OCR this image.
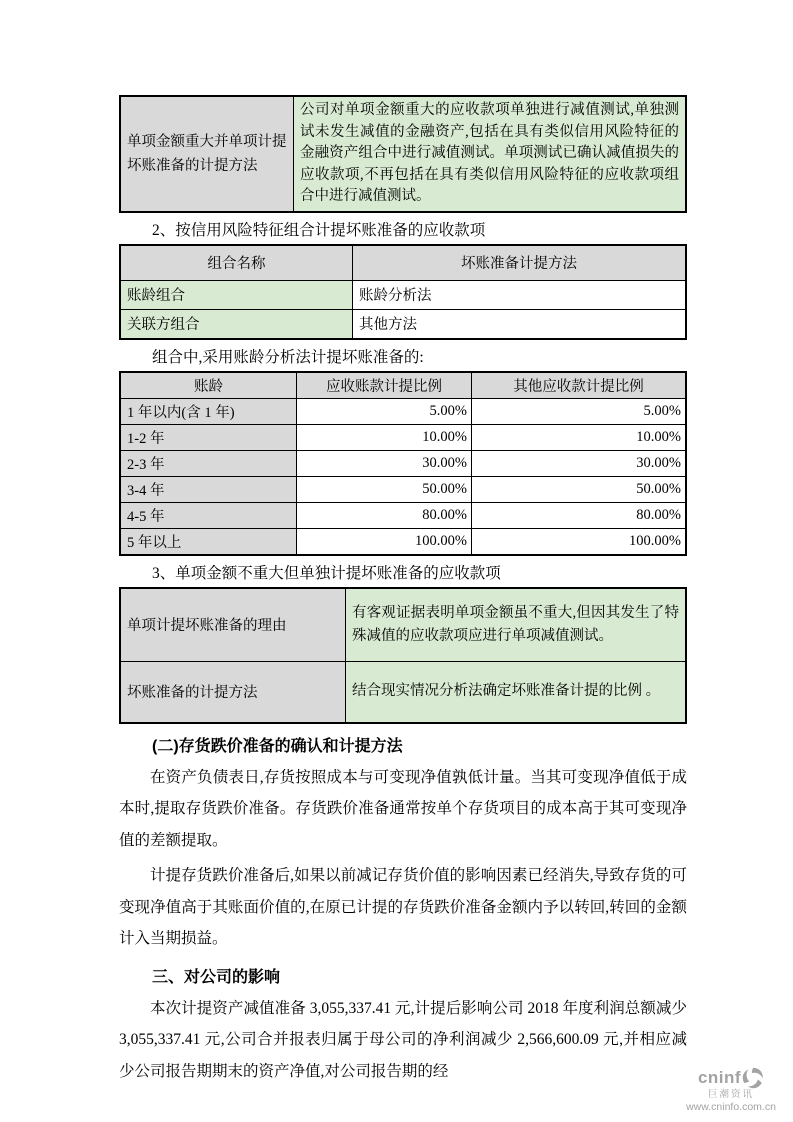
单项金额重大并单项计提坏账准备的计提方法	公司对单项金额重大的应收款项单独进行减值测试,单独测试未发生减值的金融资产,包括在具有类似信用风险特征的金融资产组合中进行减值测试。单项测试已确认减值损失的应收款项,不再包括在具有类似信用风险特征的应收款项组合中进行减值测试。
2、按信用风险特征组合计提坏账准备的应收款项
组合名称	坏账准备计提方法
账龄组合	账龄分析法
关联方组合	其他方法
组合中,采用账龄分析法计提坏账准备的:
账龄	应收账款计提比例	其他应收款计提比例
1 年以内(含 1 年)	5.00%	5.00%
1-2 年	10.00%	10.00%
2-3 年	30.00%	30.00%
3-4 年	50.00%	50.00%
4-5 年	80.00%	80.00%
5 年以上	100.00%	100.00%
3、单项金额不重大但单独计提坏账准备的应收款项
单项计提坏账准备的理由	有客观证据表明单项金额虽不重大,但因其发生了特殊减值的应收款项应进行单项减值测试。
坏账准备的计提方法	结合现实情况分析法确定坏账准备计提的比例 。
(二)存货跌价准备的确认和计提方法

在资产负债表日,存货按照成本与可变现净值孰低计量。当其可变现净值低于成本时,提取存货跌价准备。存货跌价准备通常按单个存货项目的成本高于其可变现净值的差额提取。

计提存货跌价准备后,如果以前减记存货价值的影响因素已经消失,导致存货的可变现净值高于其账面价值的,在原已计提的存货跌价准备金额内予以转回,转回的金额计入当期损益。

三、对公司的影响

本次计提资产减值准备 3,055,337.41 元,计提后影响公司 2018 年度利润总额减少 3,055,337.41 元,公司合并报表归属于母公司的净利润减少 2,566,600.09 元,并相应减少公司报告期期末的资产净值,对公司报告期的经	cninf
巨潮资讯
www.cninfo.com.cn
